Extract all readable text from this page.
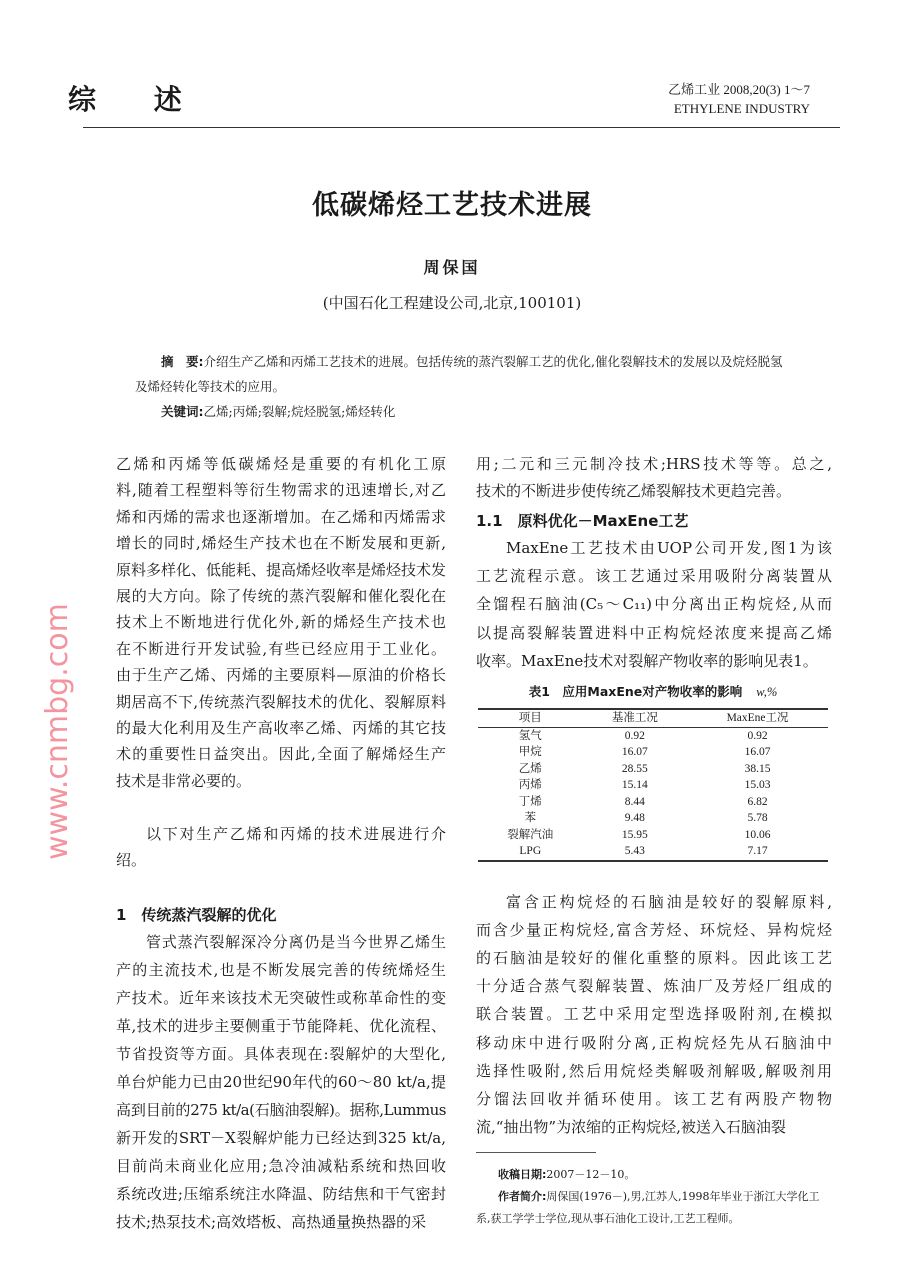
综 述	乙烯工业 2008,20(3) 1～7
ETHYLENE INDUSTRY
低碳烯烃工艺技术进展
周保国
(中国石化工程建设公司,北京,100101)
摘　要:介绍生产乙烯和丙烯工艺技术的进展。包括传统的蒸汽裂解工艺的优化,催化裂解技术的发展以及烷烃脱氢及烯烃转化等技术的应用。
关键词:乙烯;丙烯;裂解;烷烃脱氢;烯烃转化
乙烯和丙烯等低碳烯烃是重要的有机化工原
料,随着工程塑料等衍生物需求的迅速增长,对乙
烯和丙烯的需求也逐渐增加。在乙烯和丙烯需求
增长的同时,烯烃生产技术也在不断发展和更新,
原料多样化、低能耗、提高烯烃收率是烯烃技术发
展的大方向。除了传统的蒸汽裂解和催化裂化在
技术上不断地进行优化外,新的烯烃生产技术也
在不断进行开发试验,有些已经应用于工业化。
由于生产乙烯、丙烯的主要原料—原油的价格长
期居高不下,传统蒸汽裂解技术的优化、裂解原料
的最大化利用及生产高收率乙烯、丙烯的其它技
术的重要性日益突出。因此,全面了解烯烃生产
技术是非常必要的。
以下对生产乙烯和丙烯的技术进展进行介
绍。
1　传统蒸汽裂解的优化
管式蒸汽裂解深冷分离仍是当今世界乙烯生
产的主流技术,也是不断发展完善的传统烯烃生
产技术。近年来该技术无突破性或称革命性的变
革,技术的进步主要侧重于节能降耗、优化流程、
节省投资等方面。具体表现在:裂解炉的大型化,
单台炉能力已由20世纪90年代的60～80 kt/a,提
高到目前的275 kt/a(石脑油裂解)。据称,Lummus
新开发的SRT－X裂解炉能力已经达到325 kt/a,
目前尚未商业化应用;急冷油减粘系统和热回收
系统改进;压缩系统注水降温、防结焦和干气密封
技术;热泵技术;高效塔板、高热通量换热器的采
用;二元和三元制冷技术;HRS技术等等。总之,
技术的不断进步使传统乙烯裂解技术更趋完善。
1.1　原料优化－MaxEne工艺
MaxEne工艺技术由UOP公司开发,图1为该
工艺流程示意。该工艺通过采用吸附分离装置从
全馏程石脑油(C₅～C₁₁)中分离出正构烷烃,从而
以提高裂解装置进料中正构烷烃浓度来提高乙烯
收率。MaxEne技术对裂解产物收率的影响见表1。
富含正构烷烃的石脑油是较好的裂解原料,
而含少量正构烷烃,富含芳烃、环烷烃、异构烷烃
的石脑油是较好的催化重整的原料。因此该工艺
十分适合蒸气裂解装置、炼油厂及芳烃厂组成的
联合装置。工艺中采用定型选择吸附剂,在模拟
移动床中进行吸附分离,正构烷烃先从石脑油中
选择性吸附,然后用烷烃类解吸剂解吸,解吸剂用
分馏法回收并循环使用。该工艺有两股产物物
流,“抽出物”为浓缩的正构烷烃,被送入石脑油裂
表1　应用MaxEne对产物收率的影响 w,%
项目	基准工况	MaxEne工况
氢气	0.92	0.92
甲烷	16.07	16.07
乙烯	28.55	38.15
丙烯	15.14	15.03
丁烯	8.44	6.82
苯	9.48	5.78
裂解汽油	15.95	10.06
LPG	5.43	7.17
收稿日期:2007－12－10。
作者简介:周保国(1976－),男,江苏人,1998年毕业于浙江大学化工系,获工学学士学位,现从事石油化工设计,工艺工程师。
www.cnmbg.com
